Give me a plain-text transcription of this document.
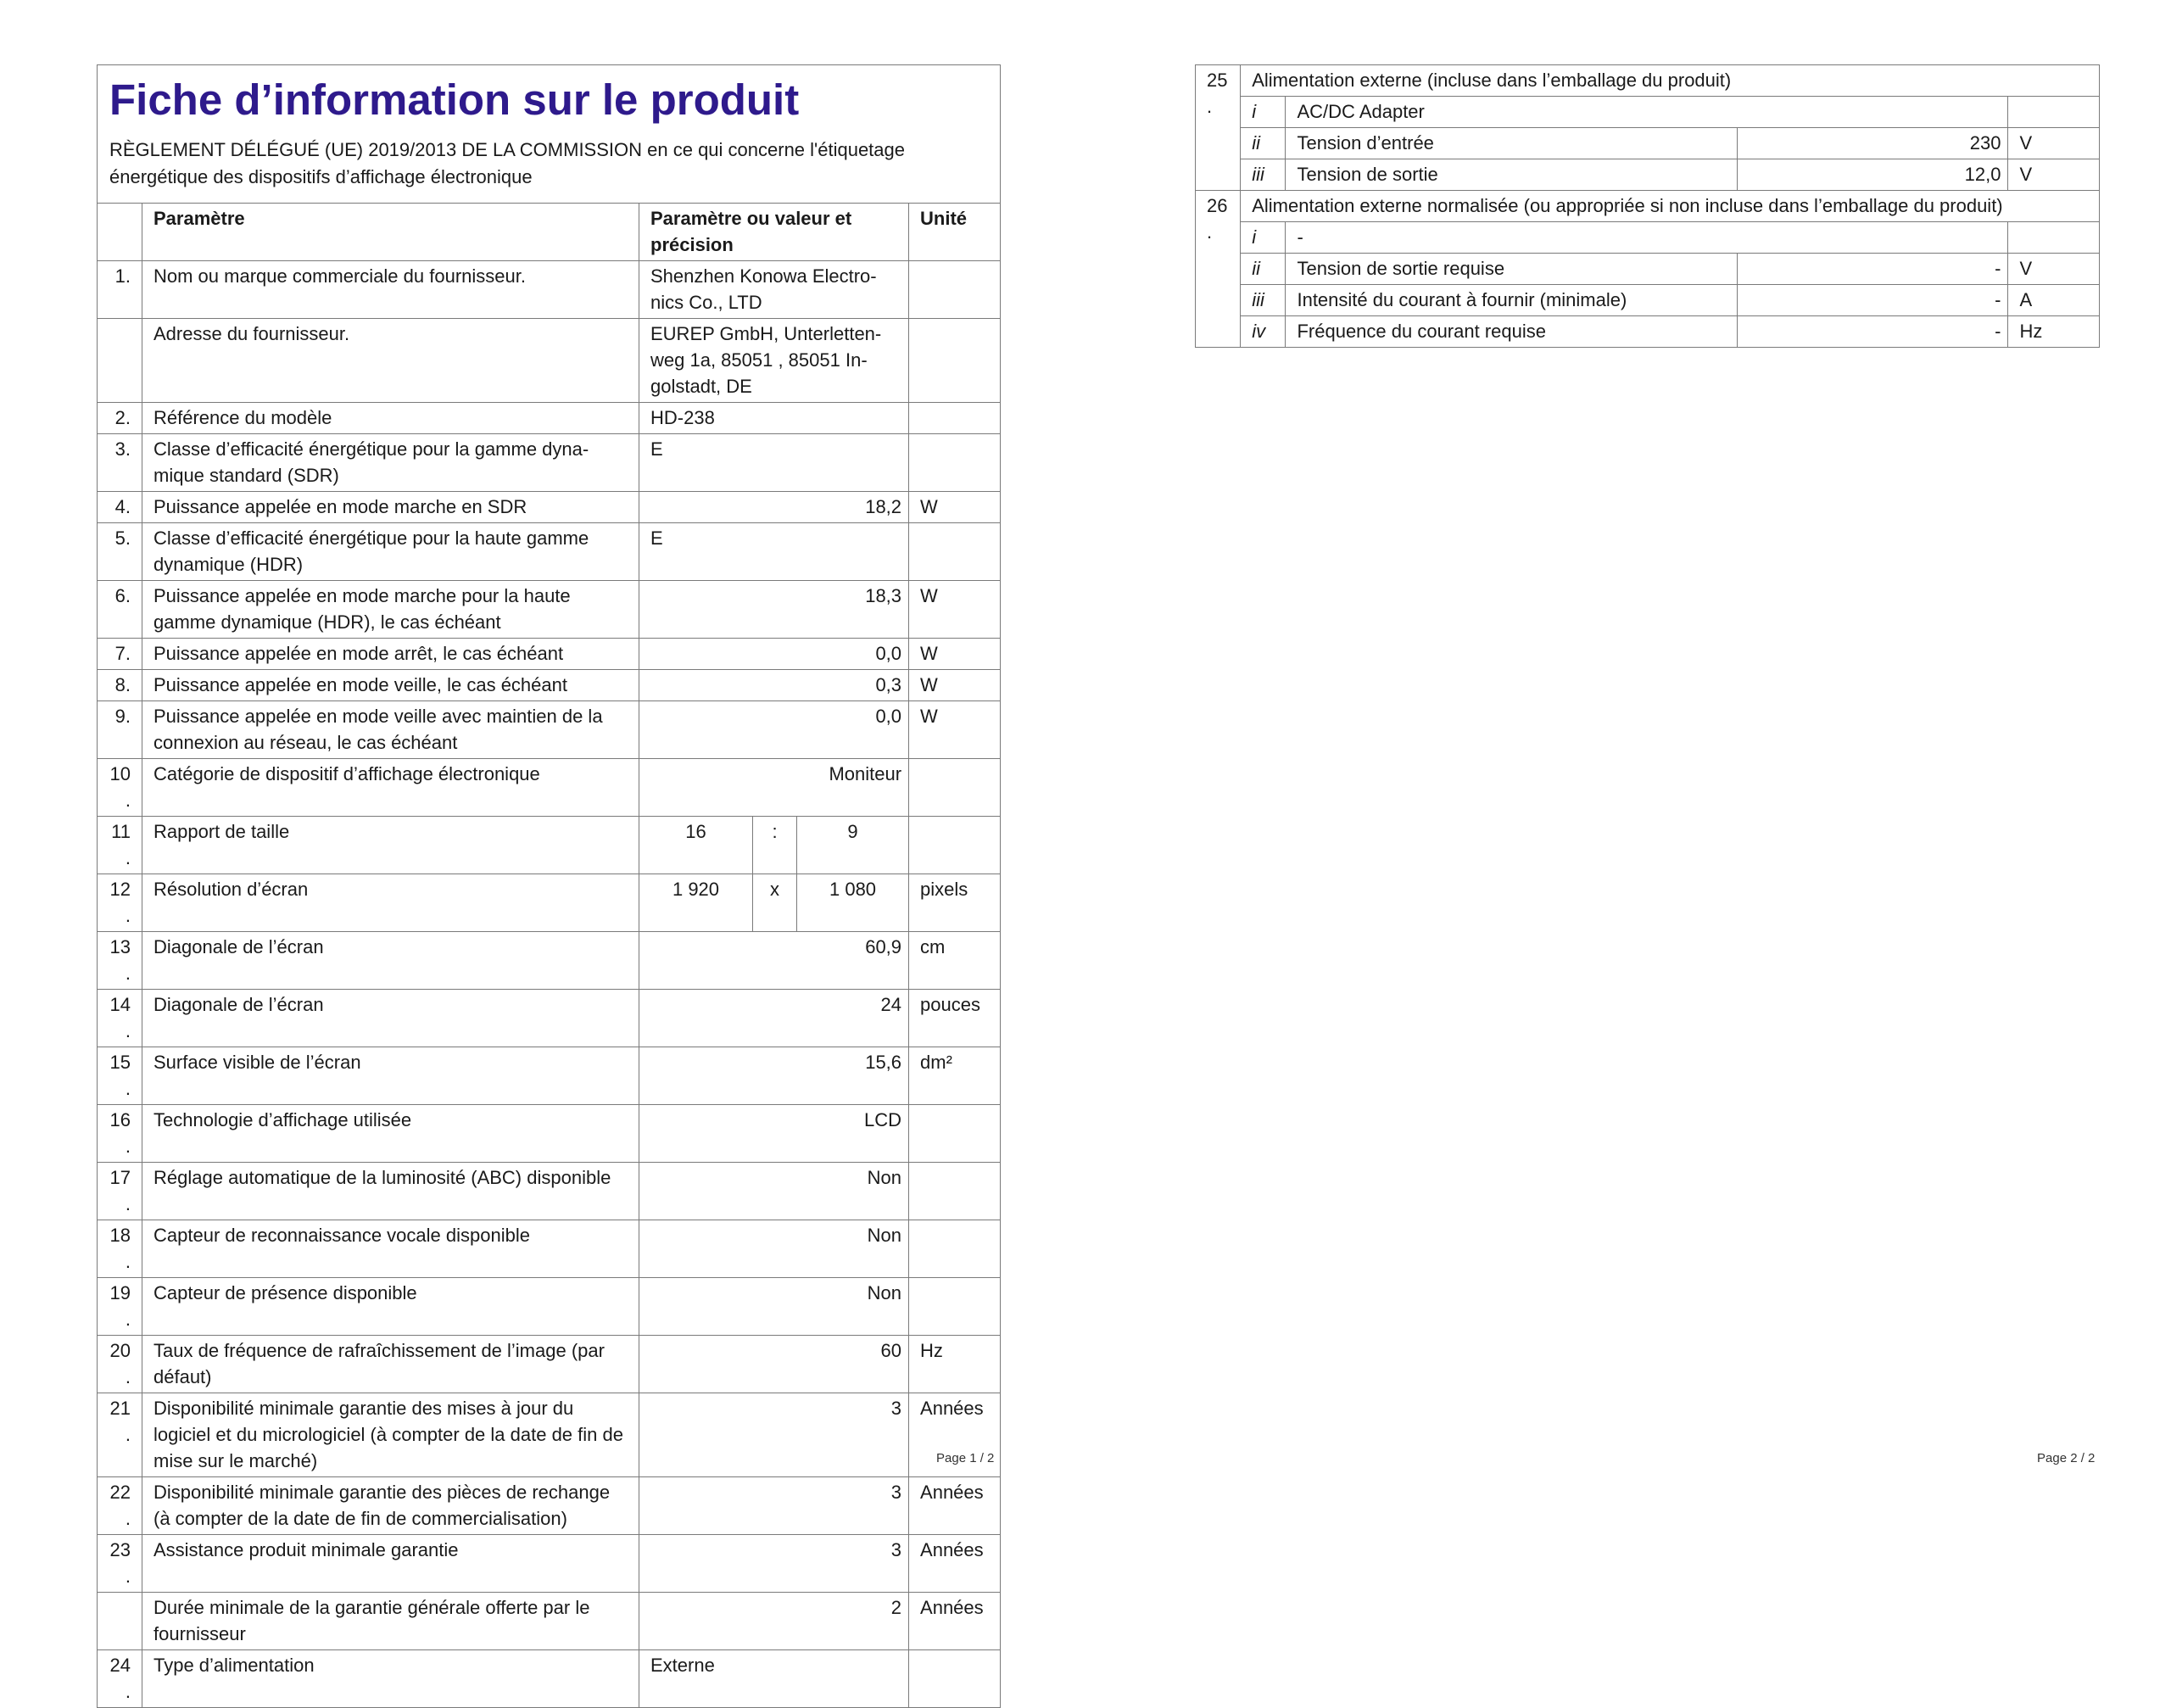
Fiche d’information sur le produit
RÈGLEMENT DÉLÉGUÉ (UE) 2019/2013 DE LA COMMISSION en ce qui concerne l'étiquetage énergétique des dispositifs d’affichage électronique
	Paramètre	Paramètre ou valeur et précision			Unité
1.	Nom ou marque commerciale du fournisseur.	Shenzhen Konowa Electronics Co., LTD			
	Adresse du fournisseur.	EUREP GmbH, Unterlettenweg 1a, 85051 , 85051 Ingolstadt, DE			
2.	Référence du modèle	HD-238			
3.	Classe d’efficacité énergétique pour la gamme dynamique standard (SDR)	E			
4.	Puissance appelée en mode marche en SDR	18,2			W
5.	Classe d’efficacité énergétique pour la haute gamme dynamique (HDR)	E			
6.	Puissance appelée en mode marche pour la haute gamme dynamique (HDR), le cas échéant	18,3			W
7.	Puissance appelée en mode arrêt, le cas échéant	0,0			W
8.	Puissance appelée en mode veille, le cas échéant	0,3			W
9.	Puissance appelée en mode veille avec maintien de la connexion au réseau, le cas échéant	0,0			W
10.	Catégorie de dispositif d’affichage électronique	Moniteur			
11.	Rapport de taille	16	:	9	
12.	Résolution d’écran	1 920	x	1 080	pixels
13.	Diagonale de l’écran	60,9			cm
14.	Diagonale de l’écran	24			pouces
15.	Surface visible de l’écran	15,6			dm²
16.	Technologie d’affichage utilisée	LCD			
17.	Réglage automatique de la luminosité (ABC) disponible	Non			
18.	Capteur de reconnaissance vocale disponible	Non			
19.	Capteur de présence disponible	Non			
20.	Taux de fréquence de rafraîchissement de l’image (par défaut)	60			Hz
21.	Disponibilité minimale garantie des mises à jour du logiciel et du micrologiciel (à compter de la date de fin de mise sur le marché)	3			Années
22.	Disponibilité minimale garantie des pièces de rechange (à compter de la date de fin de commercialisation)	3			Années
23.	Assistance produit minimale garantie	3			Années
	Durée minimale de la garantie générale offerte par le fournisseur	2			Années
24.	Type d’alimentation	Externe			
Page 1 / 2
25.	Alimentation externe (incluse dans l’emballage du produit)			
	i	AC/DC Adapter		
	ii	Tension d’entrée	230	V
	iii	Tension de sortie	12,0	V
26.	Alimentation externe normalisée (ou appropriée si non incluse dans l’emballage du produit)			
	i	-		
	ii	Tension de sortie requise	-	V
	iii	Intensité du courant à fournir (minimale)	-	A
	iv	Fréquence du courant requise	-	Hz
Page 2 / 2
